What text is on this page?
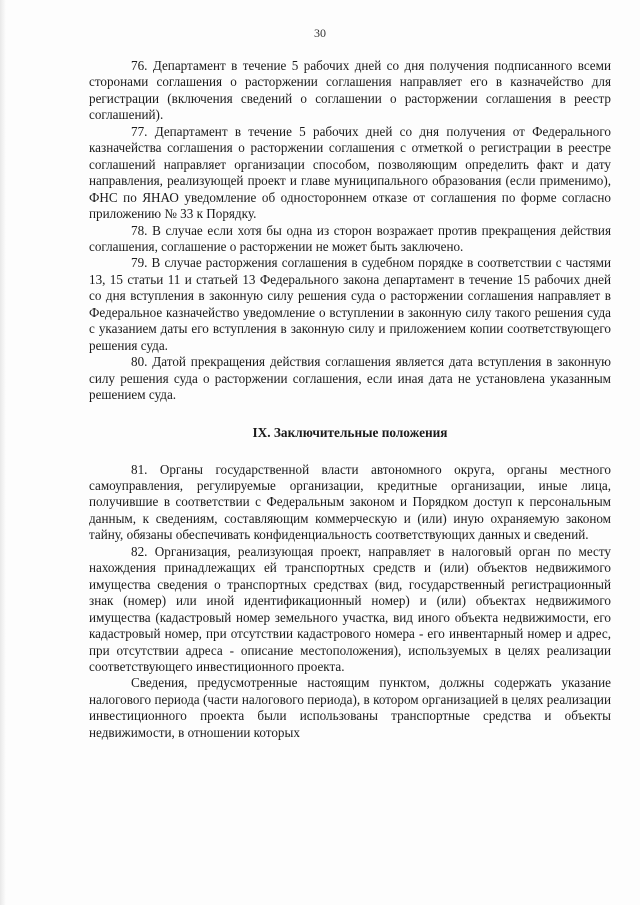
30

76. Департамент в течение 5 рабочих дней со дня получения подписанного всеми сторонами соглашения о расторжении соглашения направляет его в казначейство для регистрации (включения сведений о соглашении о расторжении соглашения в реестр соглашений).

77. Департамент в течение 5 рабочих дней со дня получения от Федерального казначейства соглашения о расторжении соглашения с отметкой о регистрации в реестре соглашений направляет организации способом, позволяющим определить факт и дату направления, реализующей проект и главе муниципального образования (если применимо), ФНС по ЯНАО уведомление об одностороннем отказе от соглашения по форме согласно приложению № 33 к Порядку.

78. В случае если хотя бы одна из сторон возражает против прекращения действия соглашения, соглашение о расторжении не может быть заключено.

79. В случае расторжения соглашения в судебном порядке в соответствии с частями 13, 15 статьи 11 и статьей 13 Федерального закона департамент в течение 15 рабочих дней со дня вступления в законную силу решения суда о расторжении соглашения направляет в Федеральное казначейство уведомление о вступлении в законную силу такого решения суда с указанием даты его вступления в законную силу и приложением копии соответствующего решения суда.

80. Датой прекращения действия соглашения является дата вступления в законную силу решения суда о расторжении соглашения, если иная дата не установлена указанным решением суда.

IX. Заключительные положения

81. Органы государственной власти автономного округа, органы местного самоуправления, регулируемые организации, кредитные организации, иные лица, получившие в соответствии с Федеральным законом и Порядком доступ к персональным данным, к сведениям, составляющим коммерческую и (или) иную охраняемую законом тайну, обязаны обеспечивать конфиденциальность соответствующих данных и сведений.

82. Организация, реализующая проект, направляет в налоговый орган по месту нахождения принадлежащих ей транспортных средств и (или) объектов недвижимого имущества сведения о транспортных средствах (вид, государственный регистрационный знак (номер) или иной идентификационный номер) и (или) объектах недвижимого имущества (кадастровый номер земельного участка, вид иного объекта недвижимости, его кадастровый номер, при отсутствии кадастрового номера - его инвентарный номер и адрес, при отсутствии адреса - описание местоположения), используемых в целях реализации соответствующего инвестиционного проекта.

Сведения, предусмотренные настоящим пунктом, должны содержать указание налогового периода (части налогового периода), в котором организацией в целях реализации инвестиционного проекта были использованы транспортные средства и объекты недвижимости, в отношении которых
